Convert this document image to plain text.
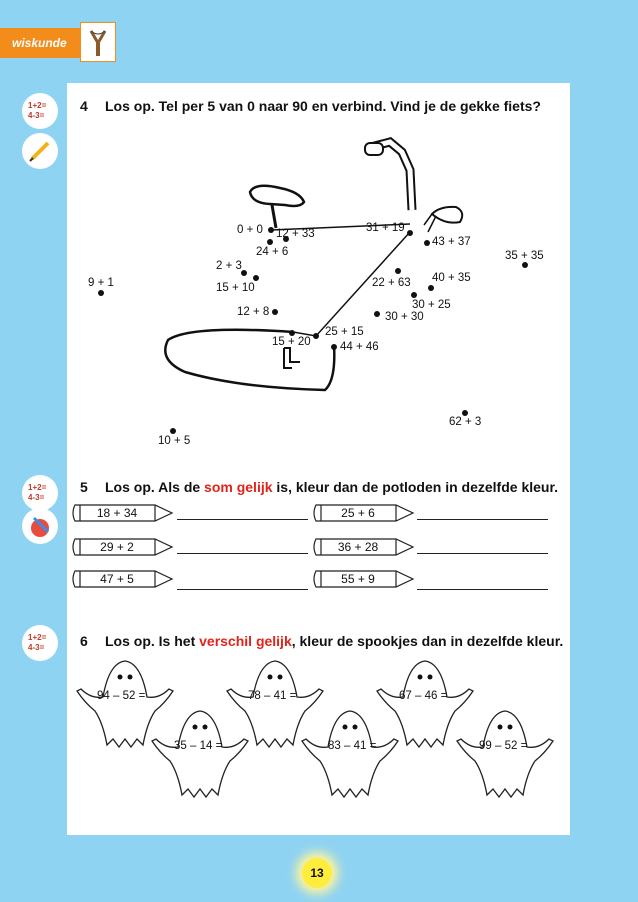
wiskunde
1+2=
4-3=
1+2=
4-3=
1+2=
4-3=
4 Los op. Tel per 5 van 0 naar 90 en verbind. Vind je de gekke fiets?
0 + 0 12 + 33
24 + 6
2 + 3
15 + 10
9 + 1
12 + 8
15 + 20
25 + 15
44 + 46
31 + 19
43 + 37
35 + 35
40 + 35
22 + 63
30 + 25
30 + 30
62 + 3
10 + 5
5 Los op. Als de som gelijk is, kleur dan de potloden in dezelfde kleur.
18 + 34	25 + 6
29 + 2	36 + 28
47 + 5	55 + 9
6 Los op. Is het verschil gelijk, kleur de spookjes dan in dezelfde kleur.
94 – 52 =	78 – 41 =	67 – 46 =
35 – 14 =	83 – 41 =	99 – 52 =
13
